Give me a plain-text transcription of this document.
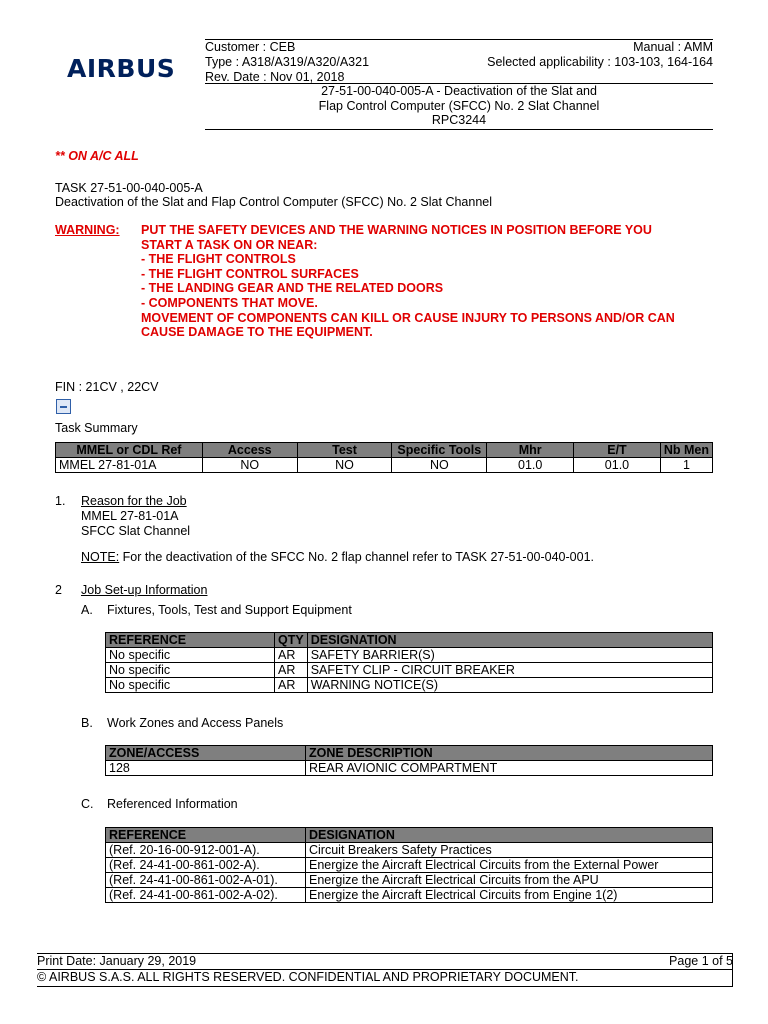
AIRBUS
Customer : CEB	Manual : AMM
Type : A318/A319/A320/A321	Selected applicability : 103-103, 164-164
Rev. Date : Nov 01, 2018
27-51-00-040-005-A - Deactivation of the Slat and
Flap Control Computer (SFCC) No. 2 Slat Channel
RPC3244
** ON A/C ALL
TASK 27-51-00-040-005-A
Deactivation of the Slat and Flap Control Computer (SFCC) No. 2 Slat Channel
WARNING: PUT THE SAFETY DEVICES AND THE WARNING NOTICES IN POSITION BEFORE YOU
START A TASK ON OR NEAR:
- THE FLIGHT CONTROLS
- THE FLIGHT CONTROL SURFACES
- THE LANDING GEAR AND THE RELATED DOORS
- COMPONENTS THAT MOVE.
MOVEMENT OF COMPONENTS CAN KILL OR CAUSE INJURY TO PERSONS AND/OR CAN
CAUSE DAMAGE TO THE EQUIPMENT.
FIN : 21CV , 22CV
Task Summary
MMEL or CDL Ref	Access	Test	Specific Tools	Mhr	E/T	Nb Men
MMEL 27-81-01A	NO	NO	NO	01.0	01.0	1
1. Reason for the Job
MMEL 27-81-01A
SFCC Slat Channel
NOTE: For the deactivation of the SFCC No. 2 flap channel refer to TASK 27-51-00-040-001.
2 Job Set-up Information
A. Fixtures, Tools, Test and Support Equipment
REFERENCE	QTY	DESIGNATION
No specific	AR	SAFETY BARRIER(S)
No specific	AR	SAFETY CLIP - CIRCUIT BREAKER
No specific	AR	WARNING NOTICE(S)
B. Work Zones and Access Panels
ZONE/ACCESS	ZONE DESCRIPTION
128	REAR AVIONIC COMPARTMENT
C. Referenced Information
REFERENCE	DESIGNATION
(Ref. 20-16-00-912-001-A).	Circuit Breakers Safety Practices
(Ref. 24-41-00-861-002-A).	Energize the Aircraft Electrical Circuits from the External Power
(Ref. 24-41-00-861-002-A-01).	Energize the Aircraft Electrical Circuits from the APU
(Ref. 24-41-00-861-002-A-02).	Energize the Aircraft Electrical Circuits from Engine 1(2)
Print Date: January 29, 2019	Page 1 of 5
© AIRBUS S.A.S. ALL RIGHTS RESERVED. CONFIDENTIAL AND PROPRIETARY DOCUMENT.
